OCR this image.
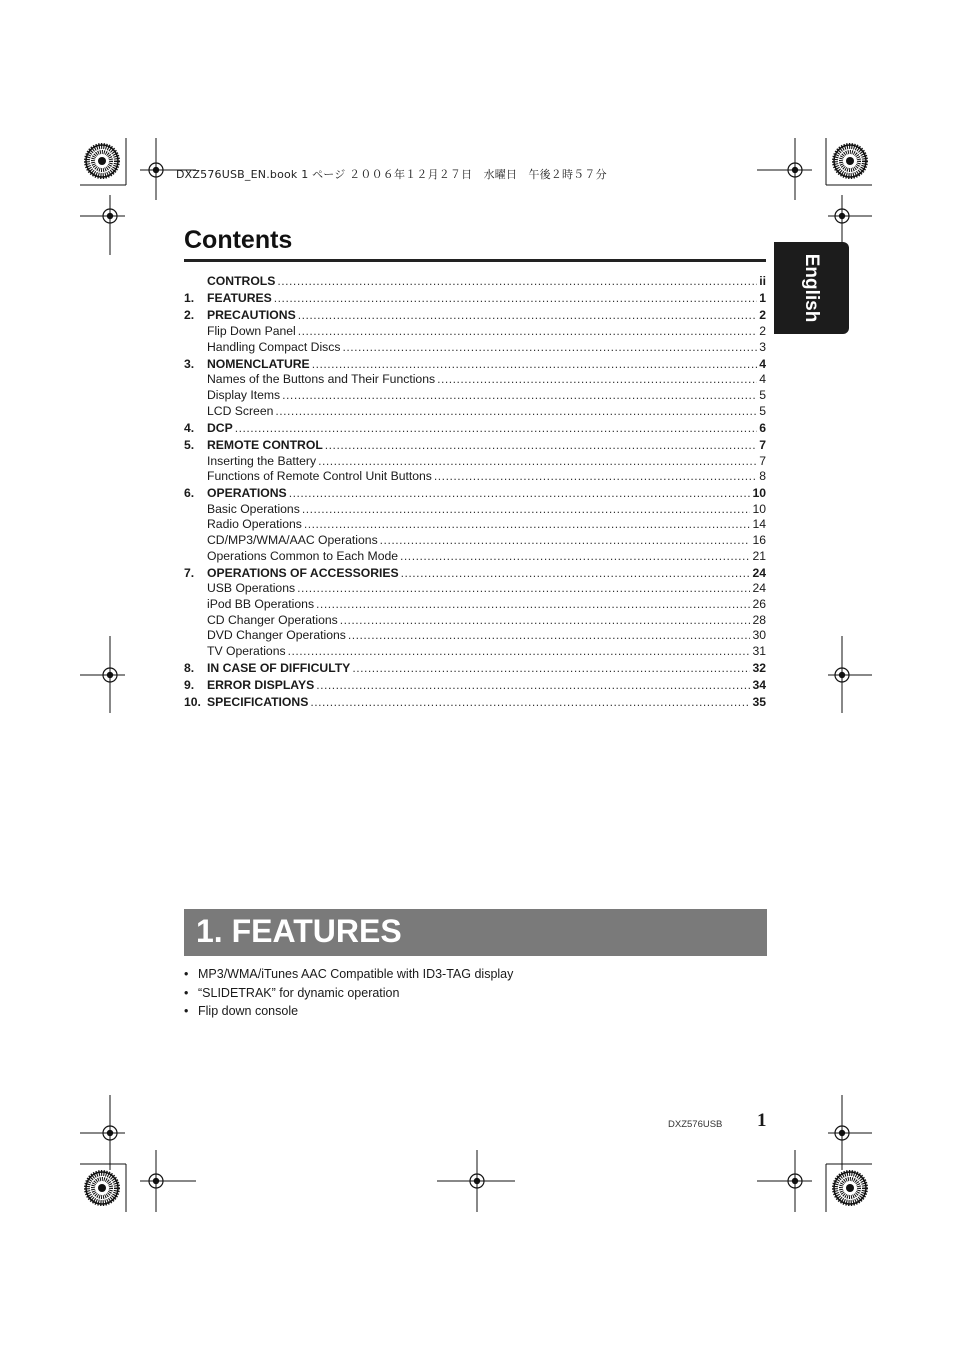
DXZ576USB_EN.book 1 ページ ２００６年１２月２７日　水曜日　午後２時５７分
Contents
CONTROLS .....	ii
1.	FEATURES .....	1
2.	PRECAUTIONS .....	2
Flip Down Panel .....	2
Handling Compact Discs .....	3
3.	NOMENCLATURE .....	4
Names of the Buttons and Their Functions .....	4
Display Items .....	5
LCD Screen .....	5
4.	DCP .....	6
5.	REMOTE CONTROL .....	7
Inserting the Battery .....	7
Functions of Remote Control Unit Buttons .....	8
6.	OPERATIONS .....	10
Basic Operations .....	10
Radio Operations .....	14
CD/MP3/WMA/AAC Operations .....	16
Operations Common to Each Mode .....	21
7.	OPERATIONS OF ACCESSORIES .....	24
USB Operations .....	24
iPod BB Operations .....	26
CD Changer Operations .....	28
DVD Changer Operations .....	30
TV Operations .....	31
8.	IN CASE OF DIFFICULTY .....	32
9.	ERROR DISPLAYS .....	34
10. SPECIFICATIONS .....	35
English
1. FEATURES
• MP3/WMA/iTunes AAC Compatible with ID3-TAG display
• “SLIDETRAK” for dynamic operation
• Flip down console
DXZ576USB 1
